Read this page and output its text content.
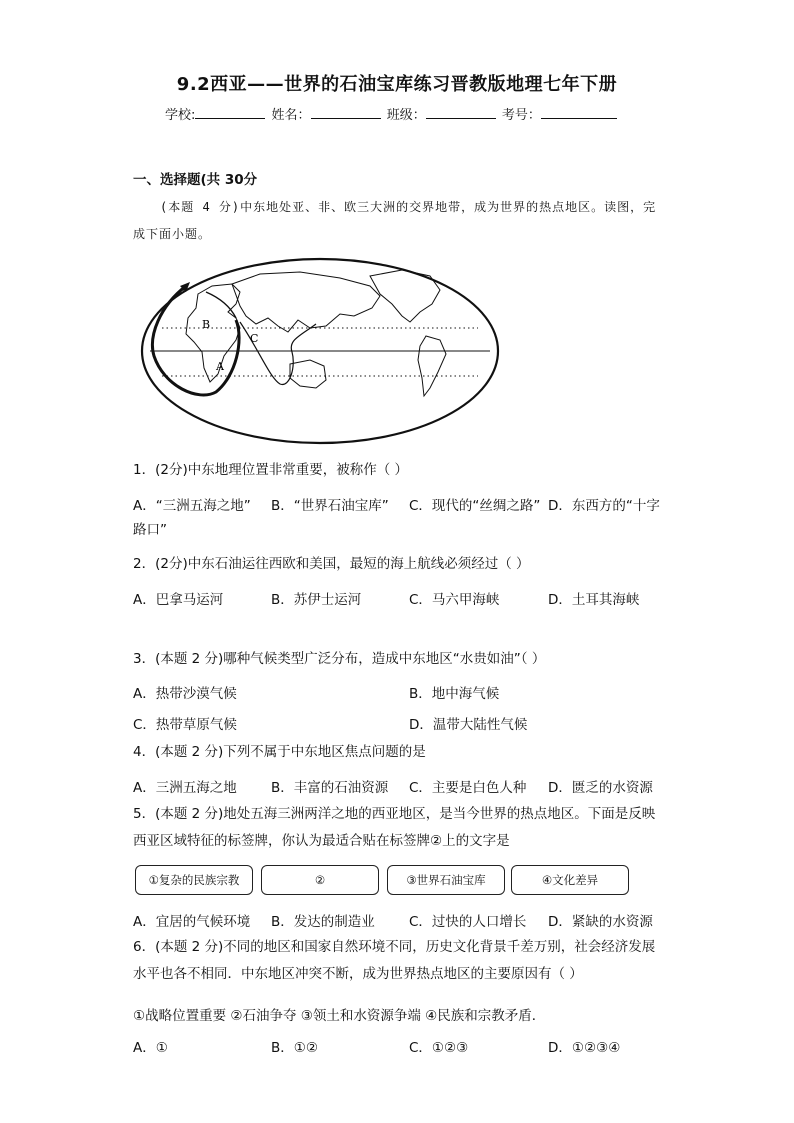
9.2西亚——世界的石油宝库练习晋教版地理七年下册
学校:	姓名：	班级：	考号：
一、选择题(共 30分
(本题 4 分)中东地处亚、非、欧三大洲的交界地带，成为世界的热点地区。读图，完成下面小题。
B
C
A
1．(2分)中东地理位置非常重要，被称作（ ）
A．“三洲五海之地” B．“世界石油宝库” C．现代的“丝绸之路” D．东西方的“十字
路口”
2．(2分)中东石油运往西欧和美国，最短的海上航线必须经过（ ）
A．巴拿马运河	B．苏伊士运河	C．马六甲海峡	D．土耳其海峡
3．(本题 2 分)哪种气候类型广泛分布，造成中东地区“水贵如油”（ ）
A．热带沙漠气候	B．地中海气候
C．热带草原气候	D．温带大陆性气候
4．(本题 2 分)下列不属于中东地区焦点问题的是
A．三洲五海之地	B．丰富的石油资源 C．主要是白色人种 D．匮乏的水资源
5．(本题 2 分)地处五海三洲两洋之地的西亚地区，是当今世界的热点地区。下面是反映西亚区域特征的标签牌，你认为最适合贴在标签牌②上的文字是
①复杂的民族宗教	②	③世界石油宝库	④文化差异
A．宜居的气候环境 B．发达的制造业	C．过快的人口增长 D．紧缺的水资源
6．(本题 2 分)不同的地区和国家自然环境不同，历史文化背景千差万别，社会经济发展水平也各不相同．中东地区冲突不断，成为世界热点地区的主要原因有（ ）
①战略位置重要 ②石油争夺 ③领土和水资源争端 ④民族和宗教矛盾．
A．①	B．①②	C．①②③	D．①②③④
